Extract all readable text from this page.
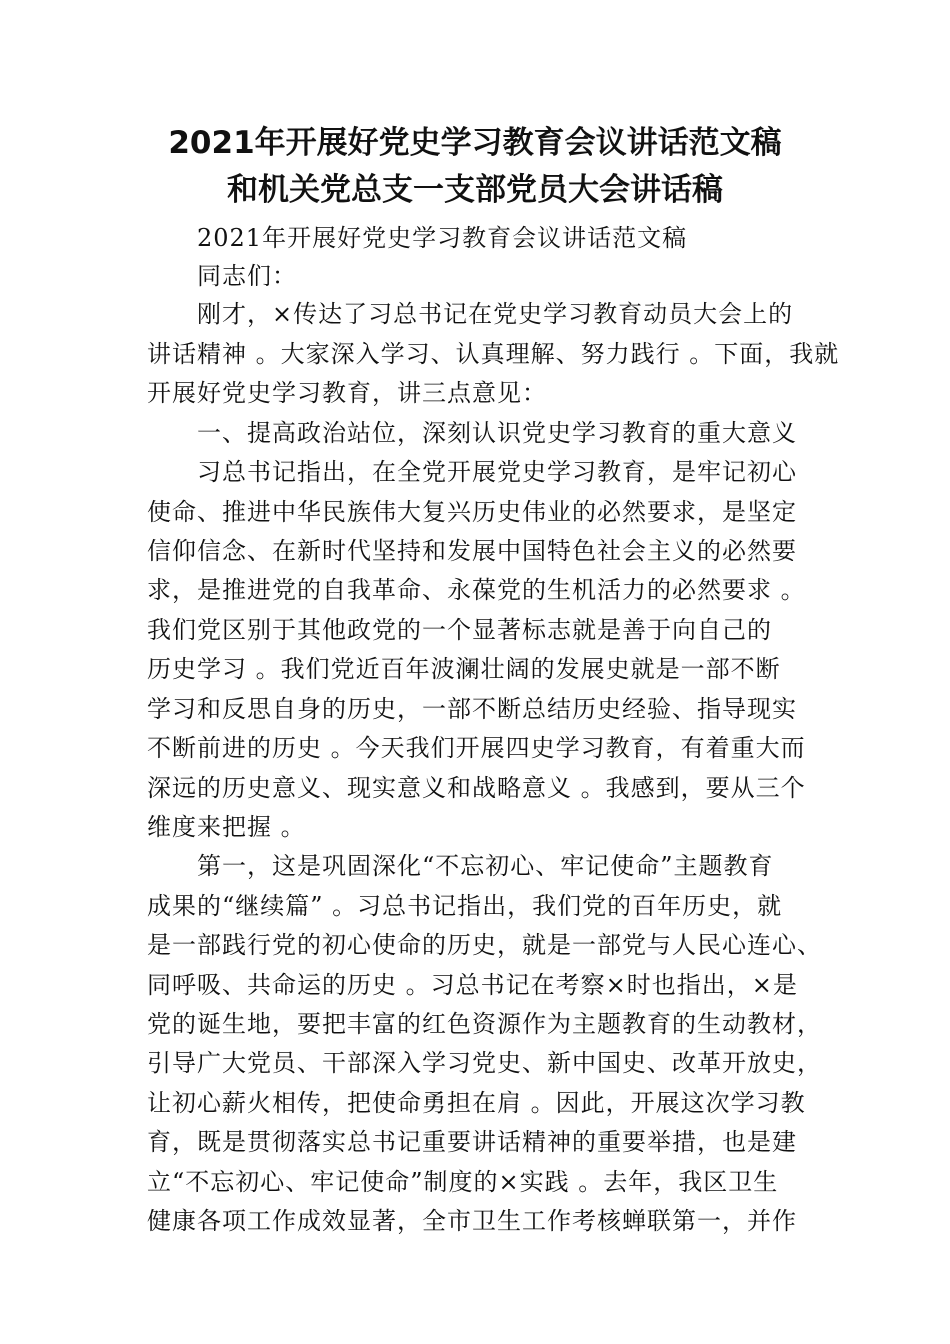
2021年开展好党史学习教育会议讲话范文稿
和机关党总支一支部党员大会讲话稿
2021年开展好党史学习教育会议讲话范文稿
同志们：
刚才，×传达了习总书记在党史学习教育动员大会上的
讲话精神 。大家深入学习、认真理解、努力践行 。下面，我就
开展好党史学习教育，讲三点意见：
一、提高政治站位，深刻认识党史学习教育的重大意义
习总书记指出，在全党开展党史学习教育，是牢记初心
使命、推进中华民族伟大复兴历史伟业的必然要求，是坚定
信仰信念、在新时代坚持和发展中国特色社会主义的必然要
求，是推进党的自我革命、永葆党的生机活力的必然要求 。
我们党区别于其他政党的一个显著标志就是善于向自己的
历史学习 。我们党近百年波澜壮阔的发展史就是一部不断
学习和反思自身的历史，一部不断总结历史经验、指导现实
不断前进的历史 。今天我们开展四史学习教育，有着重大而
深远的历史意义、现实意义和战略意义 。我感到，要从三个
维度来把握 。
第一，这是巩固深化“不忘初心、牢记使命”主题教育
成果的“继续篇” 。习总书记指出，我们党的百年历史，就
是一部践行党的初心使命的历史，就是一部党与人民心连心、
同呼吸、共命运的历史 。习总书记在考察×时也指出，×是
党的诞生地，要把丰富的红色资源作为主题教育的生动教材，
引导广大党员、干部深入学习党史、新中国史、改革开放史，
让初心薪火相传，把使命勇担在肩 。因此，开展这次学习教
育，既是贯彻落实总书记重要讲话精神的重要举措，也是建
立“不忘初心、牢记使命”制度的×实践 。去年，我区卫生
健康各项工作成效显著，全市卫生工作考核蝉联第一，并作
